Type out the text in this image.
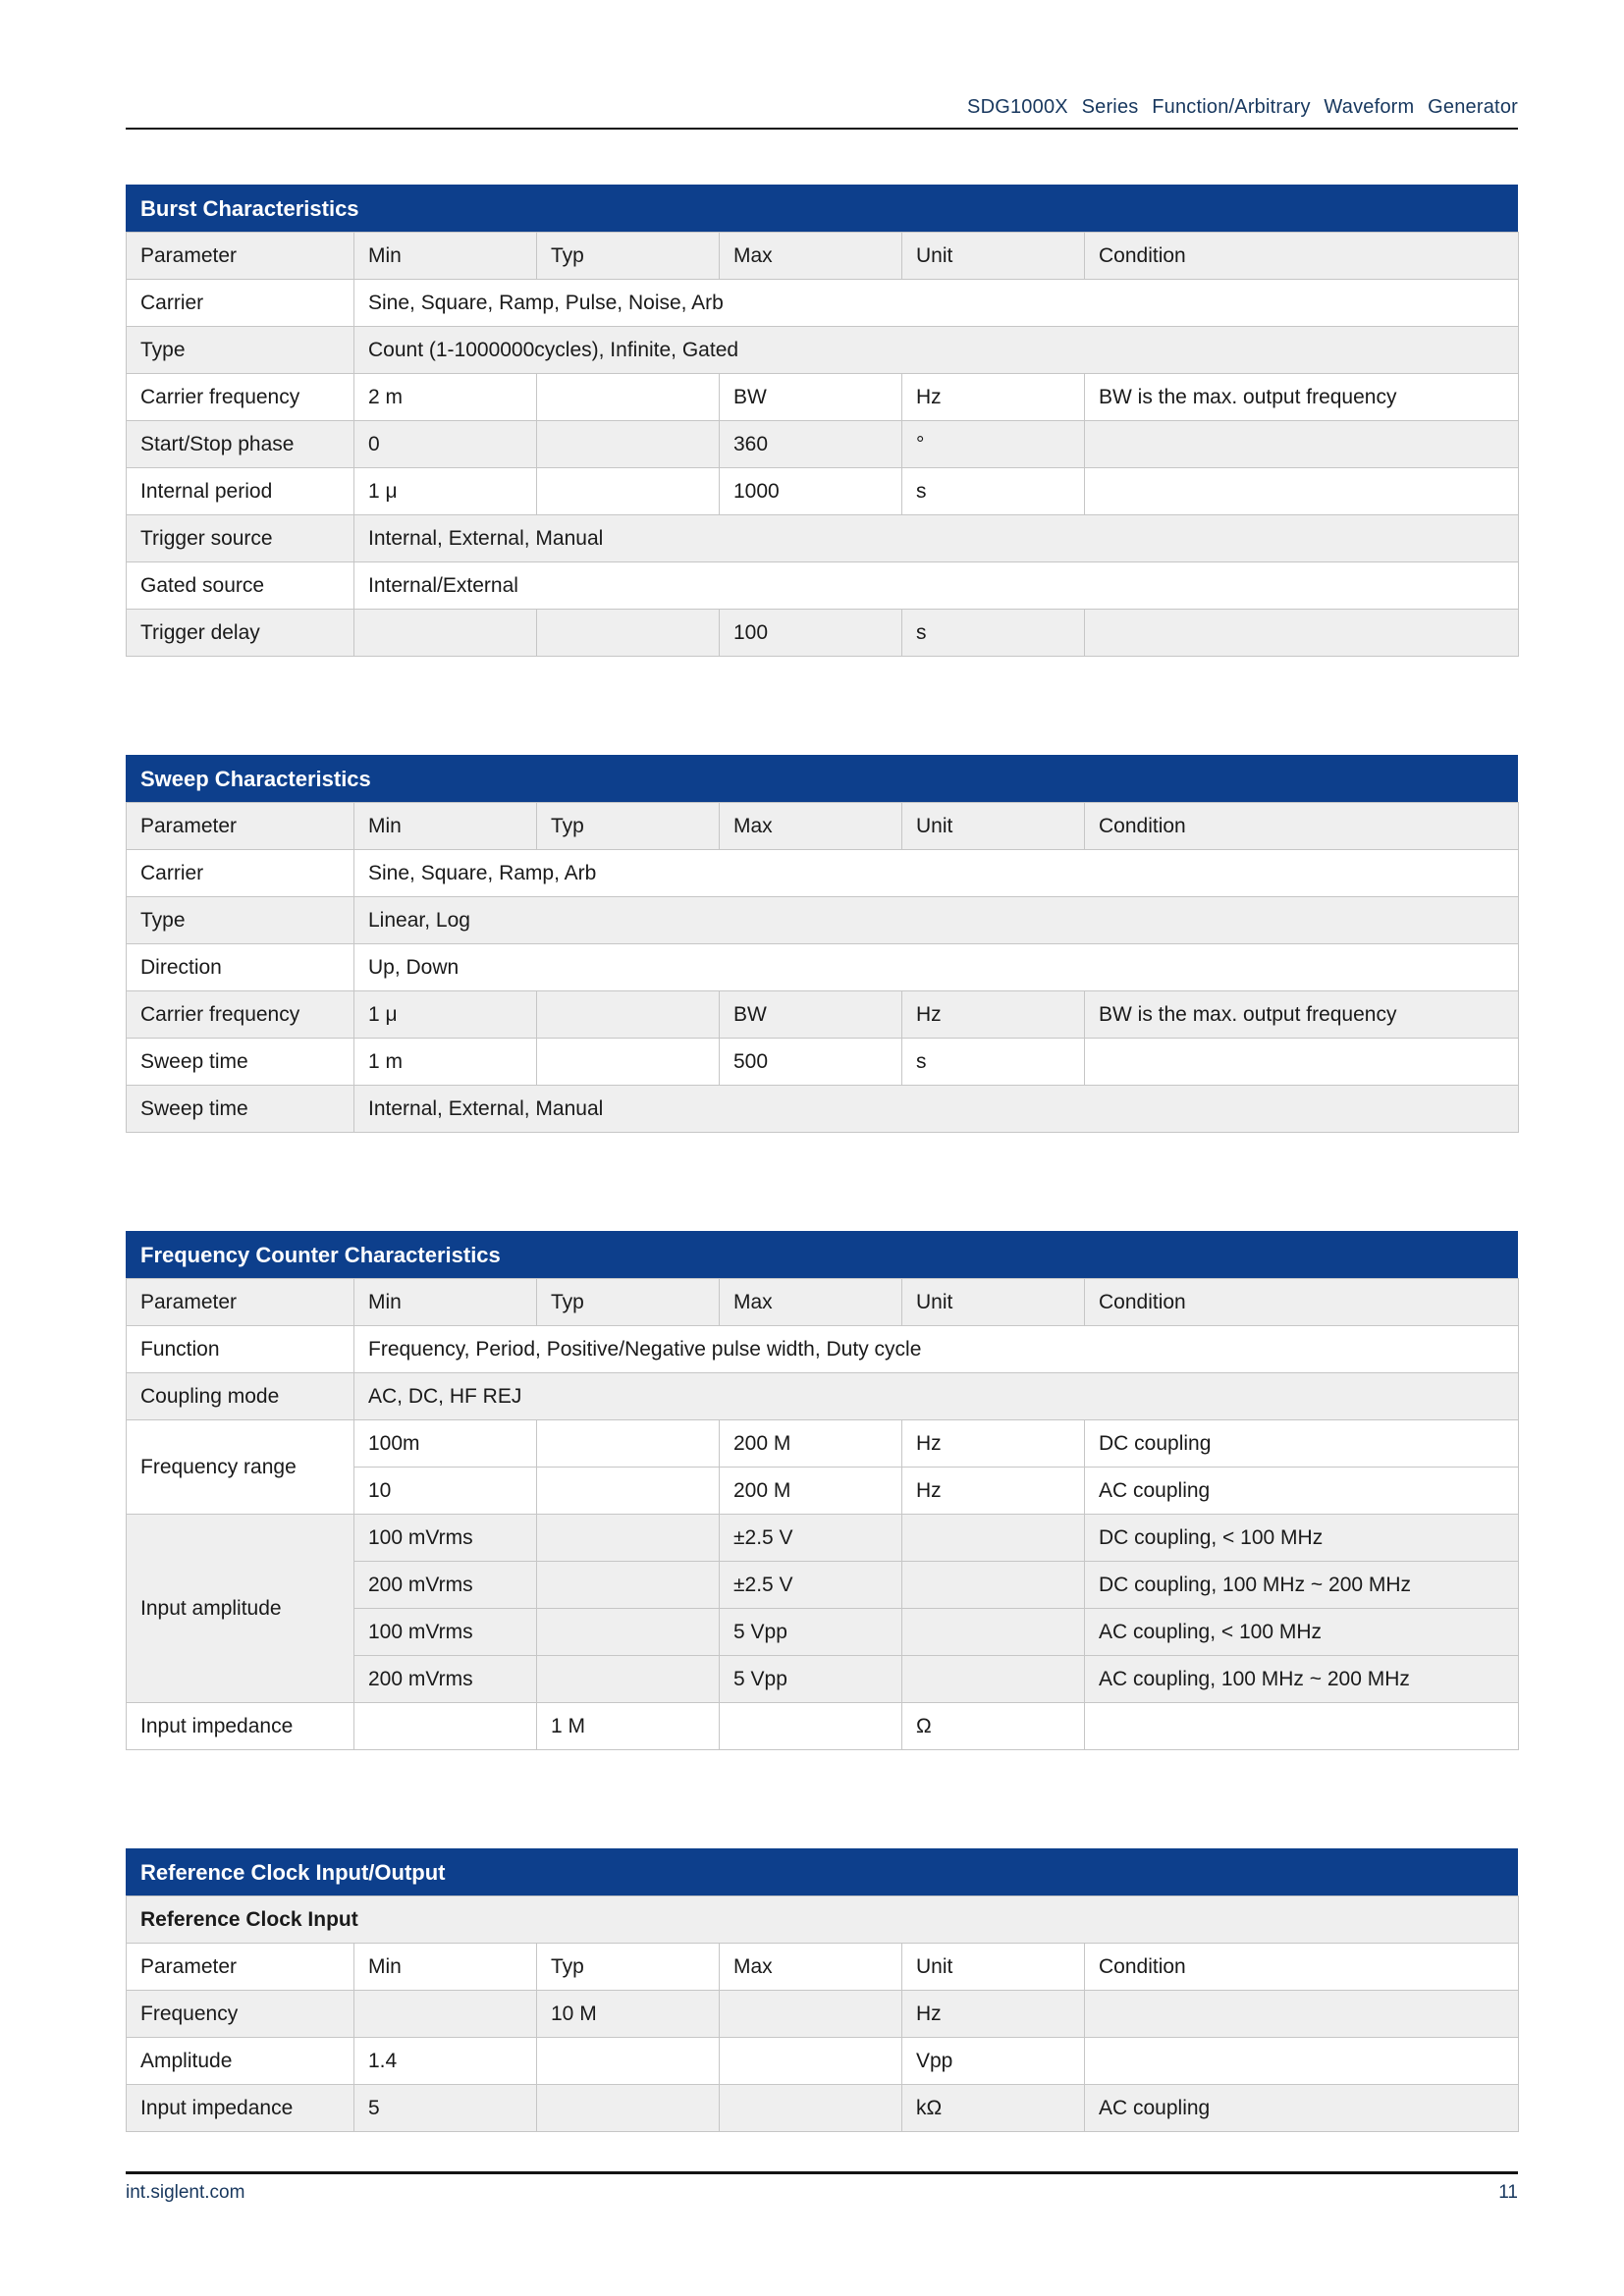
SDG1000X Series Function/Arbitrary Waveform Generator
Burst Characteristics
Parameter	Min	Typ	Max	Unit	Condition
Carrier	Sine, Square, Ramp, Pulse, Noise, Arb				
Type	Count (1-1000000cycles), Infinite, Gated				
Carrier frequency	2 m		BW	Hz	BW is the max. output frequency
Start/Stop phase	0		360	°	
Internal period	1 μ		1000	s	
Trigger source	Internal, External, Manual				
Gated source	Internal/External				
Trigger delay			100	s	
Sweep Characteristics
Parameter	Min	Typ	Max	Unit	Condition
Carrier	Sine, Square, Ramp, Arb				
Type	Linear, Log				
Direction	Up, Down				
Carrier frequency	1 μ		BW	Hz	BW is the max. output frequency
Sweep time	1 m		500	s	
Sweep time	Internal, External, Manual				
Frequency Counter Characteristics
Parameter	Min	Typ	Max	Unit	Condition
Function	Frequency, Period, Positive/Negative pulse width, Duty cycle				
Coupling mode	AC, DC, HF REJ				
Frequency range	100m		200 M	Hz	DC coupling
	10		200 M	Hz	AC coupling
Input amplitude	100 mVrms		±2.5 V		DC coupling, < 100 MHz
	200 mVrms		±2.5 V		DC coupling, 100 MHz ~ 200 MHz
	100 mVrms		5 Vpp		AC coupling, < 100 MHz
	200 mVrms		5 Vpp		AC coupling, 100 MHz ~ 200 MHz
Input impedance		1 M		Ω	
Reference Clock Input/Output
Reference Clock Input					
Parameter	Min	Typ	Max	Unit	Condition
Frequency		10 M		Hz	
Amplitude	1.4			Vpp	
Input impedance	5			kΩ	AC coupling
int.siglent.com	11
